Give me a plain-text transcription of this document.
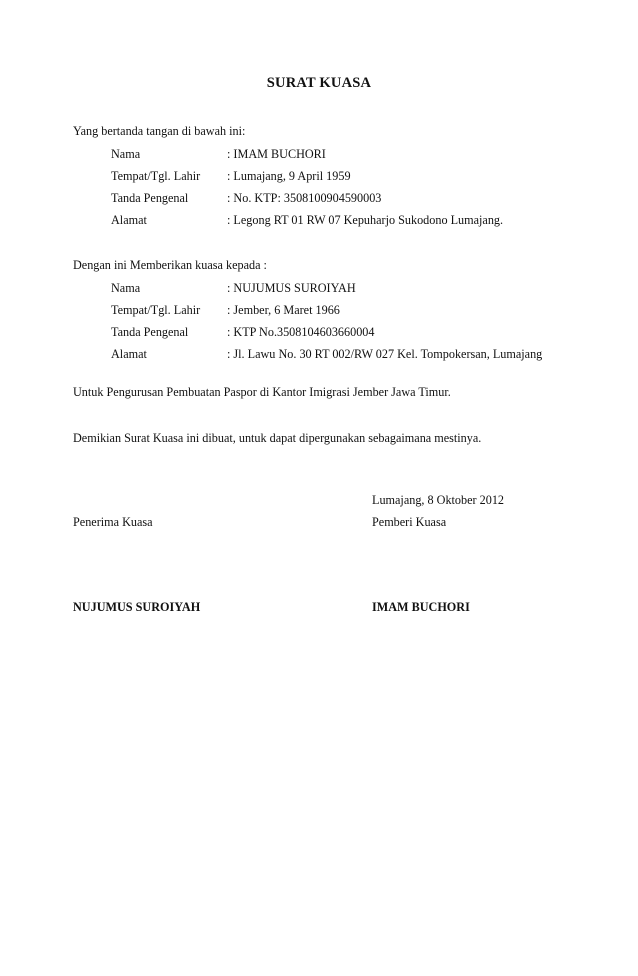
SURAT KUASA
Yang bertanda tangan di bawah ini:
Nama	: IMAM BUCHORI
Tempat/Tgl. Lahir : Lumajang, 9 April 1959
Tanda Pengenal	: No. KTP: 3508100904590003
Alamat	: Legong RT 01 RW 07 Kepuharjo Sukodono Lumajang.
Dengan ini Memberikan kuasa kepada :
Nama	: NUJUMUS SUROIYAH
Tempat/Tgl. Lahir : Jember, 6 Maret 1966
Tanda Pengenal	: KTP No.3508104603660004
Alamat	: Jl. Lawu No. 30 RT 002/RW 027 Kel. Tompokersan, Lumajang
Untuk Pengurusan Pembuatan Paspor di Kantor Imigrasi Jember Jawa Timur.
Demikian Surat Kuasa ini dibuat, untuk dapat dipergunakan sebagaimana mestinya.
Lumajang, 8 Oktober 2012
Penerima Kuasa	Pemberi Kuasa
NUJUMUS SUROIYAH	IMAM BUCHORI
